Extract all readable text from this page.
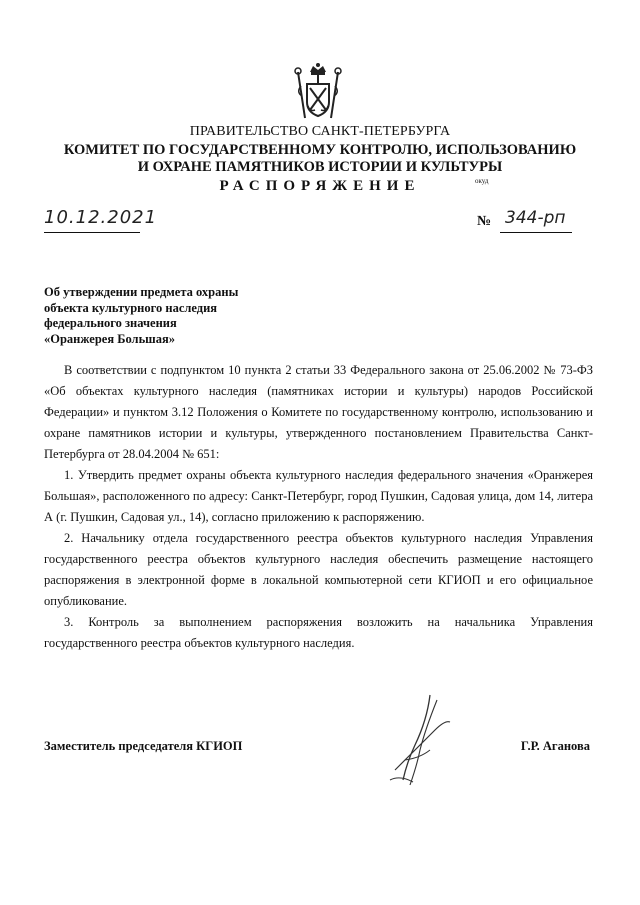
ПРАВИТЕЛЬСТВО САНКТ-ПЕТЕРБУРГА
КОМИТЕТ ПО ГОСУДАРСТВЕННОМУ КОНТРОЛЮ, ИСПОЛЬЗОВАНИЮ
И ОХРАНЕ ПАМЯТНИКОВ ИСТОРИИ И КУЛЬТУРЫ
РАСПОРЯЖЕНИЕ	окуд
10.12.2021	№ 344-рп
Об утверждении предмета охраны
объекта культурного наследия
федерального значения
«Оранжерея Большая»

В соответствии с подпунктом 10 пункта 2 статьи 33 Федерального закона от 25.06.2002 № 73-ФЗ «Об объектах культурного наследия (памятниках истории и культуры) народов Российской Федерации» и пунктом 3.12 Положения о Комитете по государственному контролю, использованию и охране памятников истории и культуры, утвержденного постановлением Правительства Санкт-Петербурга от 28.04.2004 № 651:

1. Утвердить предмет охраны объекта культурного наследия федерального значения «Оранжерея Большая», расположенного по адресу: Санкт-Петербург, город Пушкин, Садовая улица, дом 14, литера А (г. Пушкин, Садовая ул., 14), согласно приложению к распоряжению.

2. Начальнику отдела государственного реестра объектов культурного наследия Управления государственного реестра объектов культурного наследия обеспечить размещение настоящего распоряжения в электронной форме в локальной компьютерной сети КГИОП и его официальное опубликование.

3. Контроль за выполнением распоряжения возложить на начальника Управления государственного реестра объектов культурного наследия.

Заместитель председателя КГИОП	Г.Р. Аганова
